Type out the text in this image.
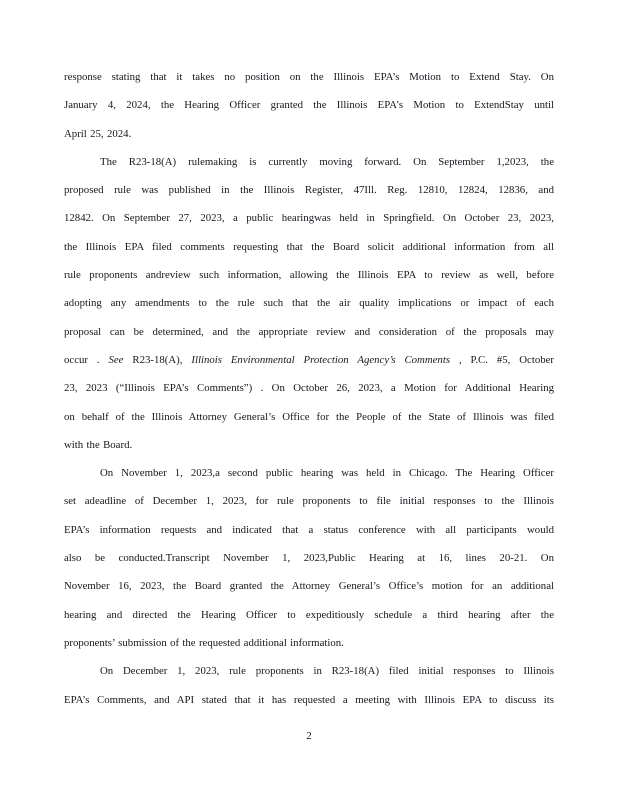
response stating that it takes no position on the Illinois EPA’s Motion to Extend Stay. On
January 4, 2024, the Hearing Officer granted the Illinois EPA’s Motion to ExtendStay until
April 25, 2024.
The R23-18(A) rulemaking is currently moving forward. On September 1,2023, the
proposed rule was published in the Illinois Register, 47Ill. Reg. 12810, 12824, 12836, and
12842. On September 27, 2023, a public hearingwas held in Springfield. On October 23, 2023,
the Illinois EPA filed comments requesting that the Board solicit additional information from all
rule proponents andreview such information, allowing the Illinois EPA to review as well, before
adopting any amendments to the rule such that the air quality implications or impact of each
proposal can be determined, and the appropriate review and consideration of the proposals may
occur . See R23-18(A), Illinois Environmental Protection Agency’s Comments , P.C. #5, October
23, 2023 (“Illinois EPA’s Comments”) . On October 26, 2023, a Motion for Additional Hearing
on behalf of the Illinois Attorney General’s Office for the People of the State of Illinois was filed
with the Board.
On November 1, 2023,a second public hearing was held in Chicago. The Hearing Officer
set adeadline of December 1, 2023, for rule proponents to file initial responses to the Illinois
EPA’s information requests and indicated that a status conference with all participants would
also be conducted.Transcript November 1, 2023,Public Hearing at 16, lines 20-21. On
November 16, 2023, the Board granted the Attorney General’s Office’s motion for an additional
hearing and directed the Hearing Officer to expeditiously schedule a third hearing after the
proponents’ submission of the requested additional information.
On December 1, 2023, rule proponents in R23-18(A) filed initial responses to Illinois
EPA’s Comments, and API stated that it has requested a meeting with Illinois EPA to discuss its
2
